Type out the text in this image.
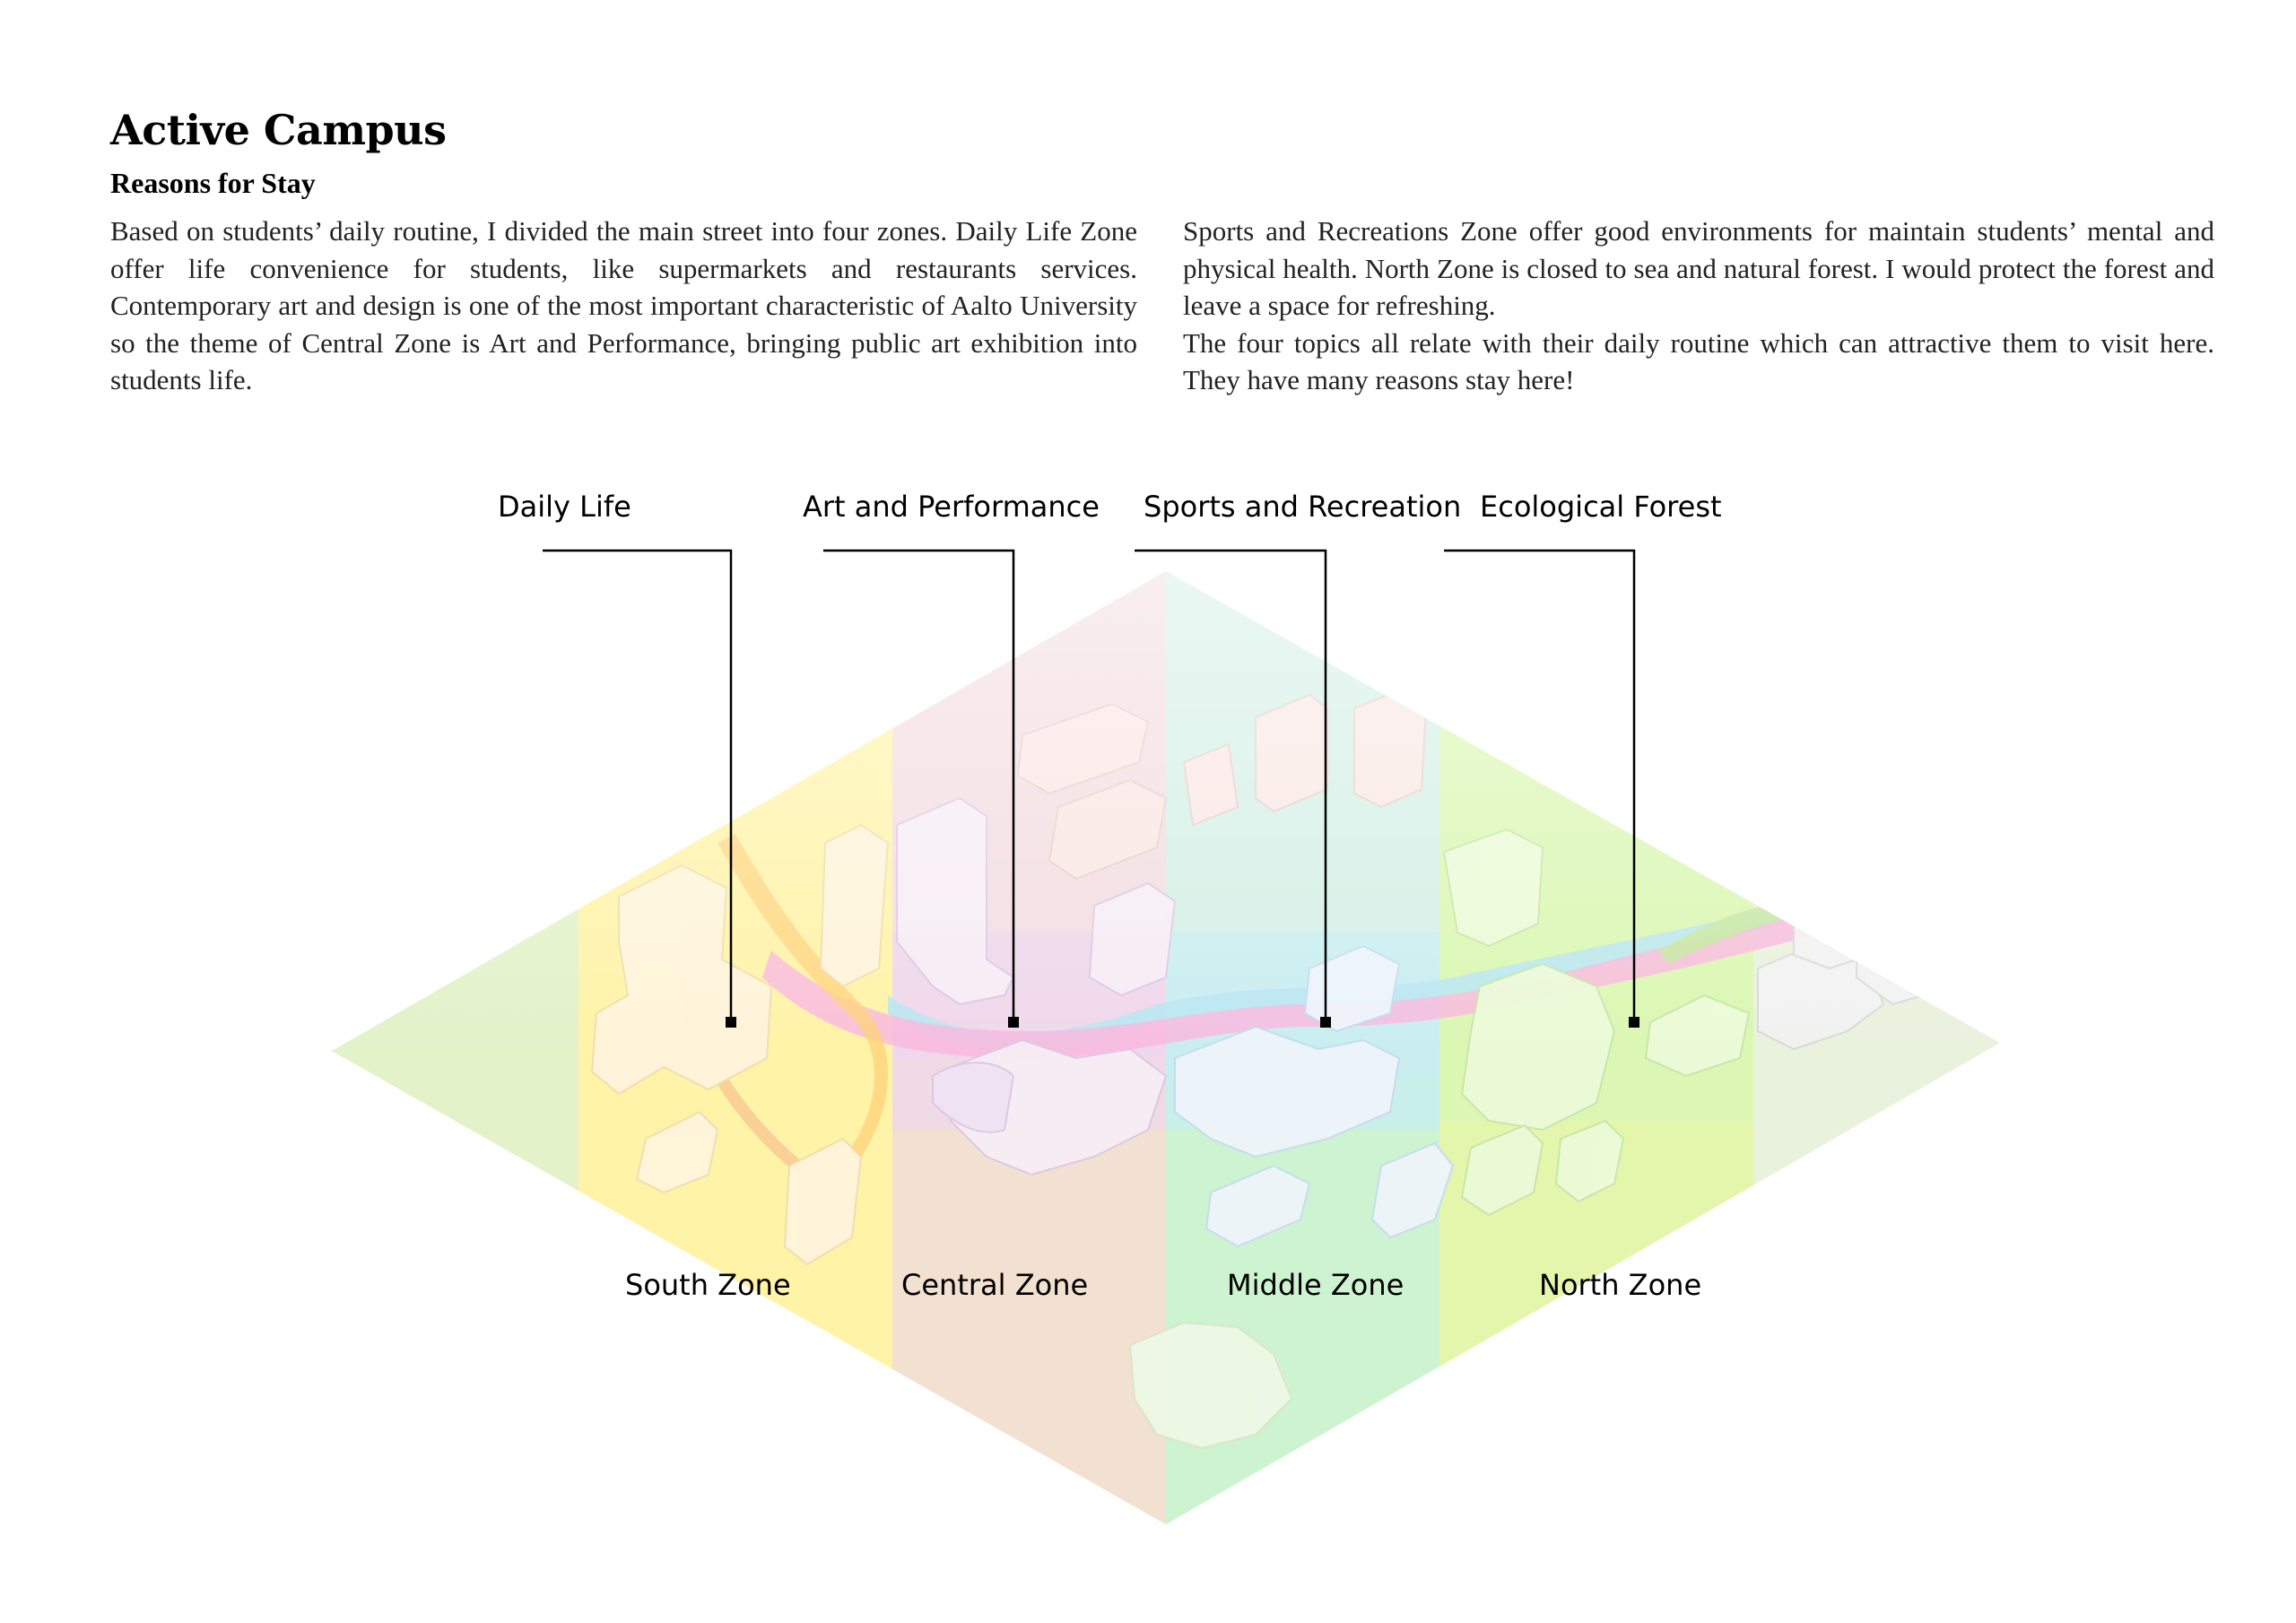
Active Campus
Reasons for Stay

Based on students’ daily routine, I divided the main street into four zones. Daily Life Zone offer life convenience for students, like supermarkets and restaurants services. Contemporary art and design is one of the most important characteristic of Aalto University so the theme of Central Zone is Art and Performance, bringing public art exhibition into students life.

Sports and Recreations Zone offer good environments for maintain students’ mental and physical health. North Zone is closed to sea and natural forest. I would protect the forest and leave a space for refreshing.
The four topics all relate with their daily routine which can attractive them to visit here. They have many reasons stay here!

Daily Life	Art and Performance Sports and Recreation Ecological Forest
South Zone	Central Zone	Middle Zone	North Zone
